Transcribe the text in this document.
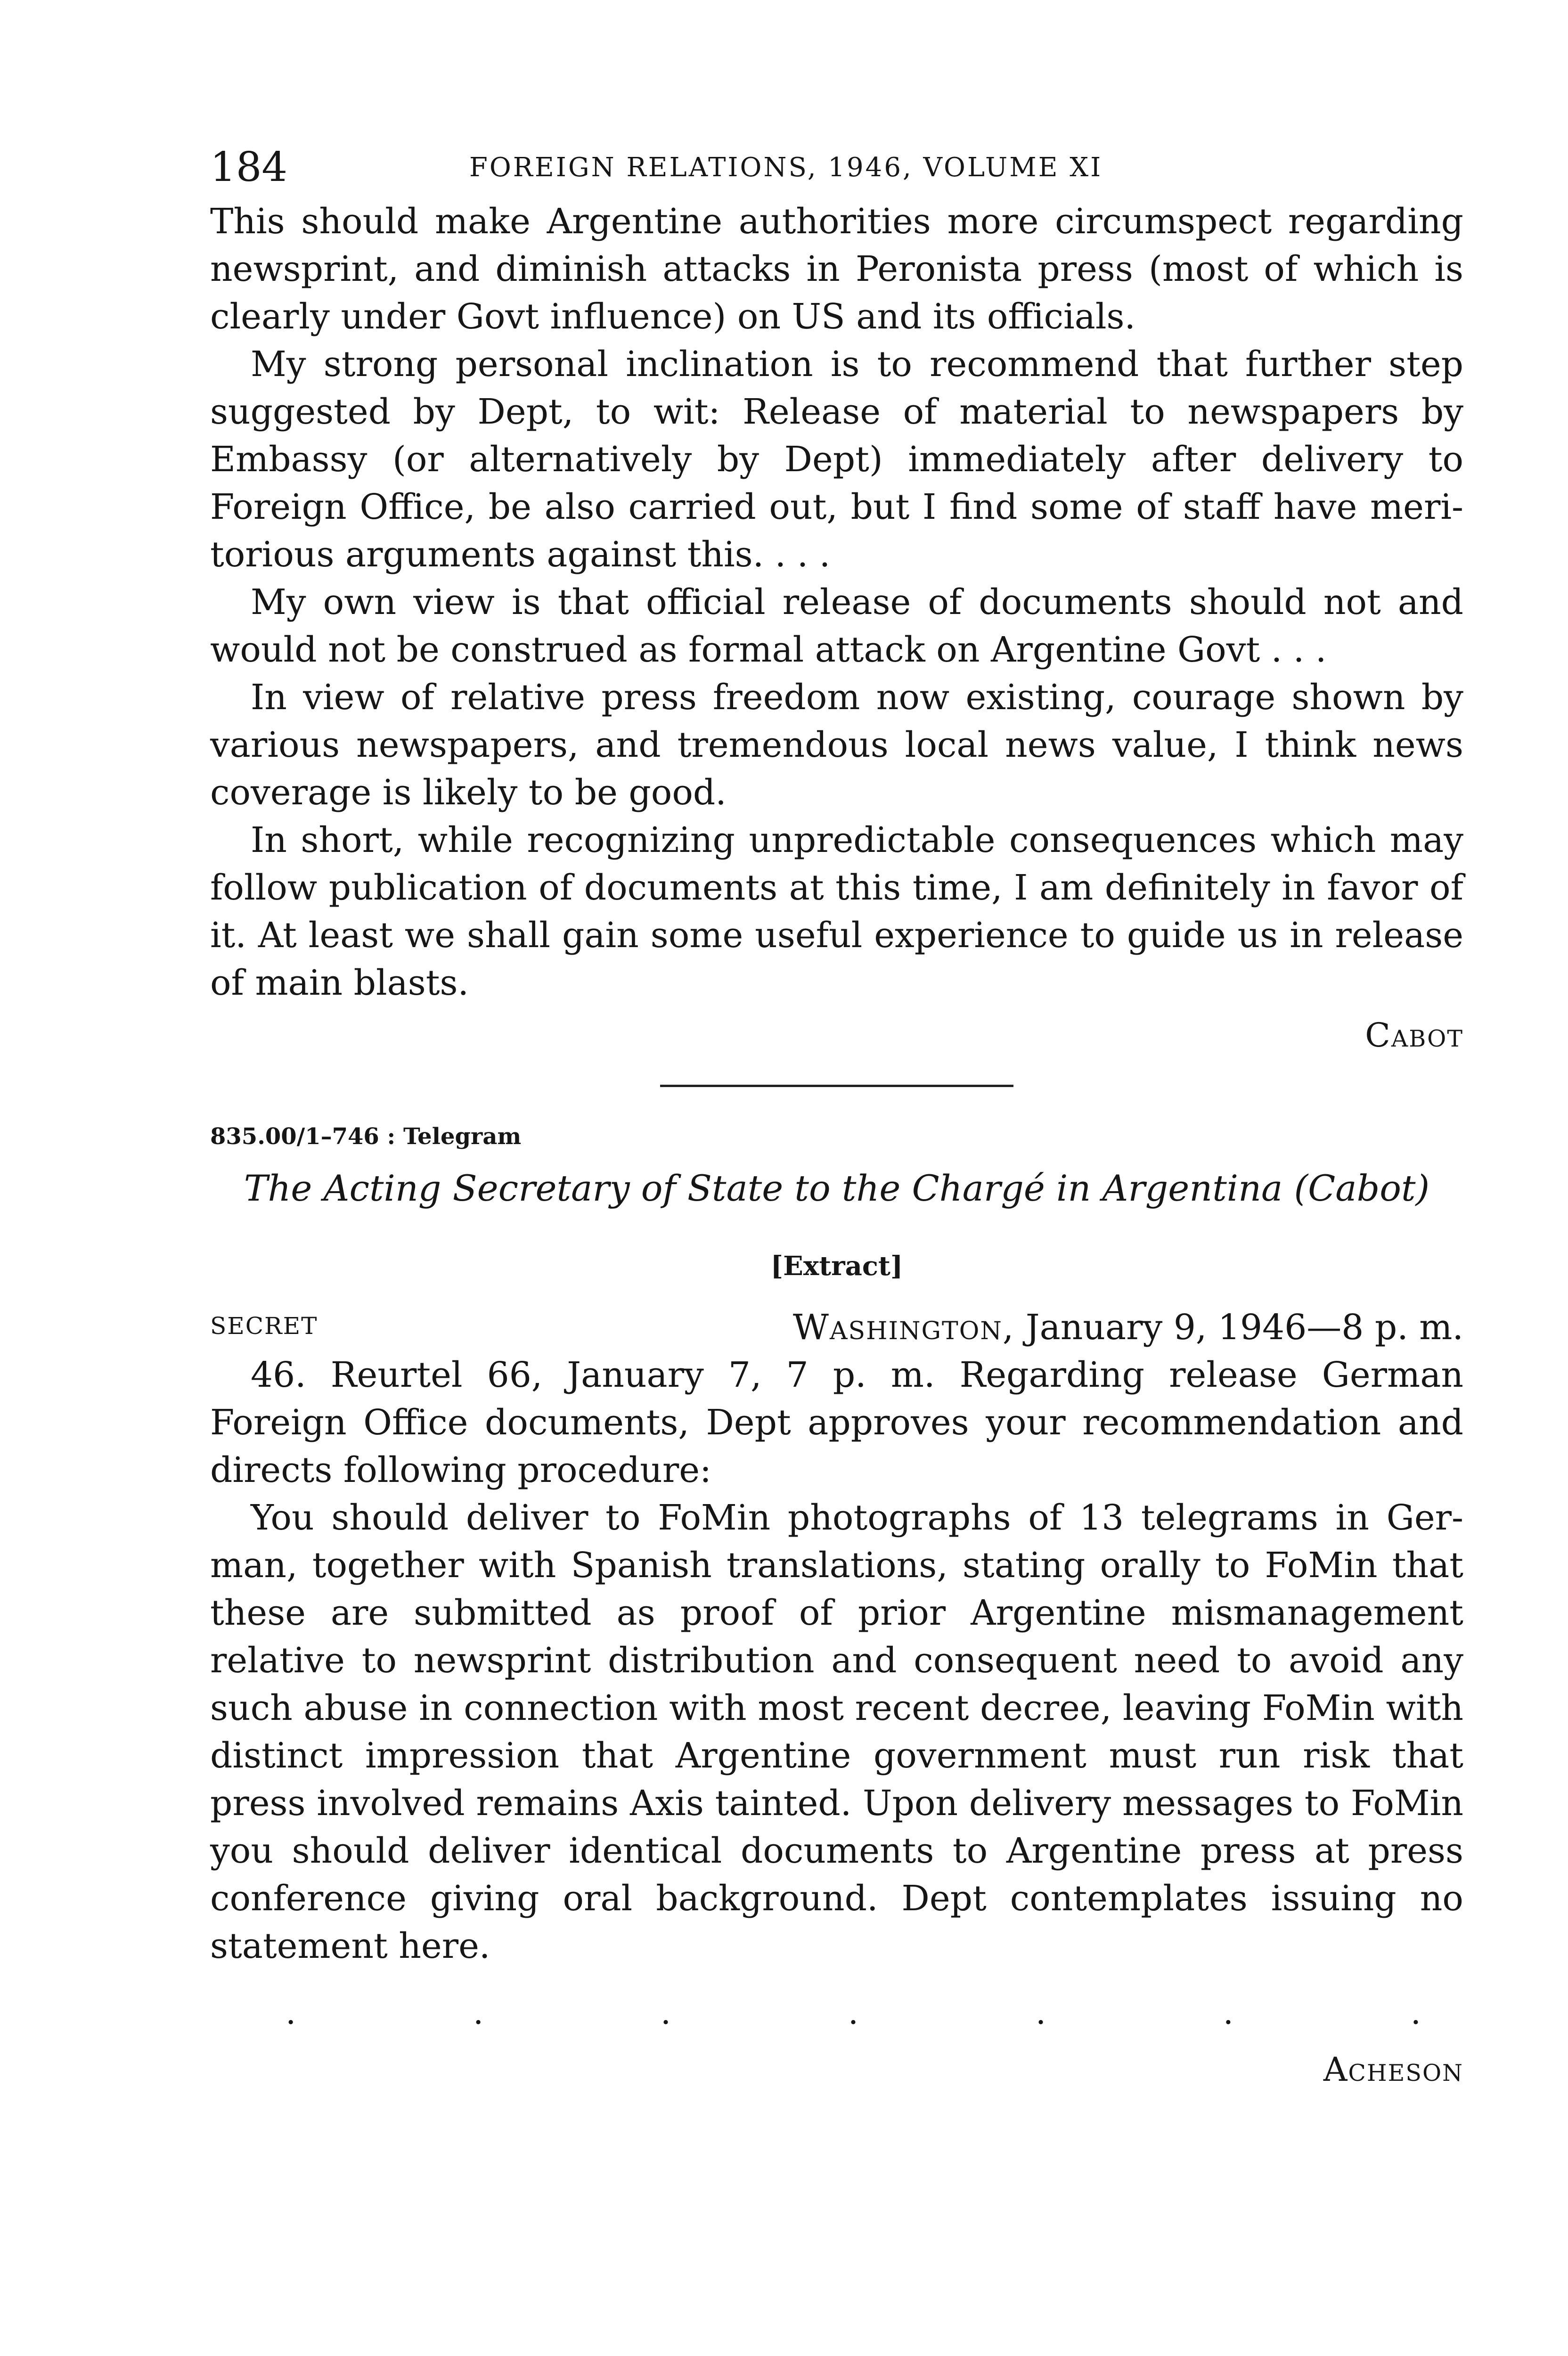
184	FOREIGN RELATIONS, 1946, VOLUME XI

This should make Argentine authorities more circumspect regarding newsprint, and diminish attacks in Peronista press (most of which is clearly under Govt influence) on US and its officials.

My strong personal inclination is to recommend that further step suggested by Dept, to wit: Release of material to newspapers by Embassy (or alternatively by Dept) immediately after delivery to Foreign Office, be also carried out, but I find some of staff have meritorious arguments against this. . . .

My own view is that official release of documents should not and would not be construed as formal attack on Argentine Govt . . .

In view of relative press freedom now existing, courage shown by various newspapers, and tremendous local news value, I think news coverage is likely to be good.

In short, while recognizing unpredictable consequences which may follow publication of documents at this time, I am definitely in favor of it. At least we shall gain some useful experience to guide us in release of main blasts.

Cabot
835.00/1–746 : Telegram
The Acting Secretary of State to the Chargé in Argentina (Cabot)
[Extract]
SECRET	Washington, January 9, 1946—8 p. m.

46. Reurtel 66, January 7, 7 p. m. Regarding release German Foreign Office documents, Dept approves your recommendation and directs following procedure:

You should deliver to FoMin photographs of 13 telegrams in German, together with Spanish translations, stating orally to FoMin that these are submitted as proof of prior Argentine mismanagement relative to newsprint distribution and consequent need to avoid any such abuse in connection with most recent decree, leaving FoMin with distinct impression that Argentine government must run risk that press involved remains Axis tainted. Upon delivery messages to FoMin you should deliver identical documents to Argentine press at press conference giving oral background. Dept contemplates issuing no statement here.

.	.	.	.	.	.	.
Acheson
